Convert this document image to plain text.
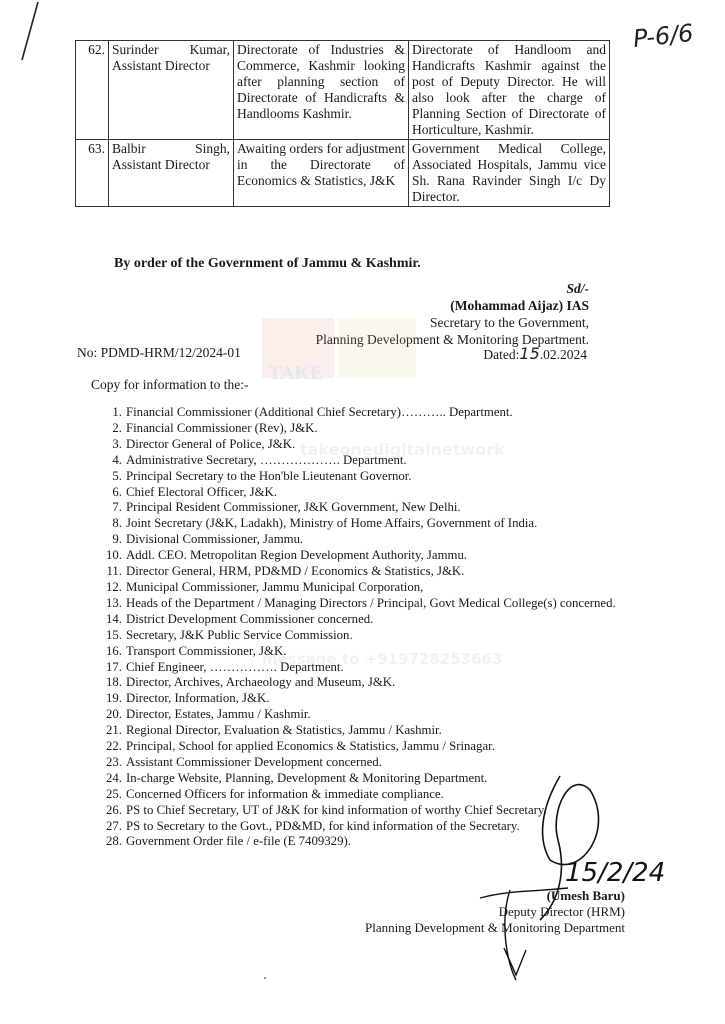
P-6/6
62.	Surinder Kumar, Assistant Director	Directorate of Industries & Commerce, Kashmir looking after planning section of Directorate of Handicrafts & Handlooms Kashmir.	Directorate of Handloom and Handicrafts Kashmir against the post of Deputy Director. He will also look after the charge of Planning Section of Directorate of Horticulture, Kashmir.
63.	Balbir Singh, Assistant Director	Awaiting orders for adjustment in the Directorate of Economics & Statistics, J&K	Government Medical College, Associated Hospitals, Jammu vice Sh. Rana Ravinder Singh I/c Dy Director.
By order of the Government of Jammu & Kashmir.
Sd/-
(Mohammad Aijaz) IAS
Secretary to the Government,
Planning Development & Monitoring Department.
TAKE
takeonedigitalnetwork
message to +919728253663
No: PDMD-HRM/12/2024-01	Dated:15.02.2024
Copy for information to the:-
1. Financial Commissioner (Additional Chief Secretary)……….. Department.
2. Financial Commissioner (Rev), J&K.
3. Director General of Police, J&K.
4. Administrative Secretary, ………………. Department.
5. Principal Secretary to the Hon'ble Lieutenant Governor.
6. Chief Electoral Officer, J&K.
7. Principal Resident Commissioner, J&K Government, New Delhi.
8. Joint Secretary (J&K, Ladakh), Ministry of Home Affairs, Government of India.
9. Divisional Commissioner, Jammu.
10. Addl. CEO. Metropolitan Region Development Authority, Jammu.
11. Director General, HRM, PD&MD / Economics & Statistics, J&K.
12. Municipal Commissioner, Jammu Municipal Corporation,
13. Heads of the Department / Managing Directors / Principal, Govt Medical College(s) concerned.
14. District Development Commissioner concerned.
15. Secretary, J&K Public Service Commission.
16. Transport Commissioner, J&K.
17. Chief Engineer, ……………. Department.
18. Director, Archives, Archaeology and Museum, J&K.
19. Director, Information, J&K.
20. Director, Estates, Jammu / Kashmir.
21. Regional Director, Evaluation & Statistics, Jammu / Kashmir.
22. Principal, School for applied Economics & Statistics, Jammu / Srinagar.
23. Assistant Commissioner Development concerned.
24. In-charge Website, Planning, Development & Monitoring Department.
25. Concerned Officers for information & immediate compliance.
26. PS to Chief Secretary, UT of J&K for kind information of worthy Chief Secretary.
27. PS to Secretary to the Govt., PD&MD, for kind information of the Secretary.
28. Government Order file / e-file (E 7409329).
15/2/24
(Umesh Baru)
Deputy Director (HRM)
Planning Development & Monitoring Department
